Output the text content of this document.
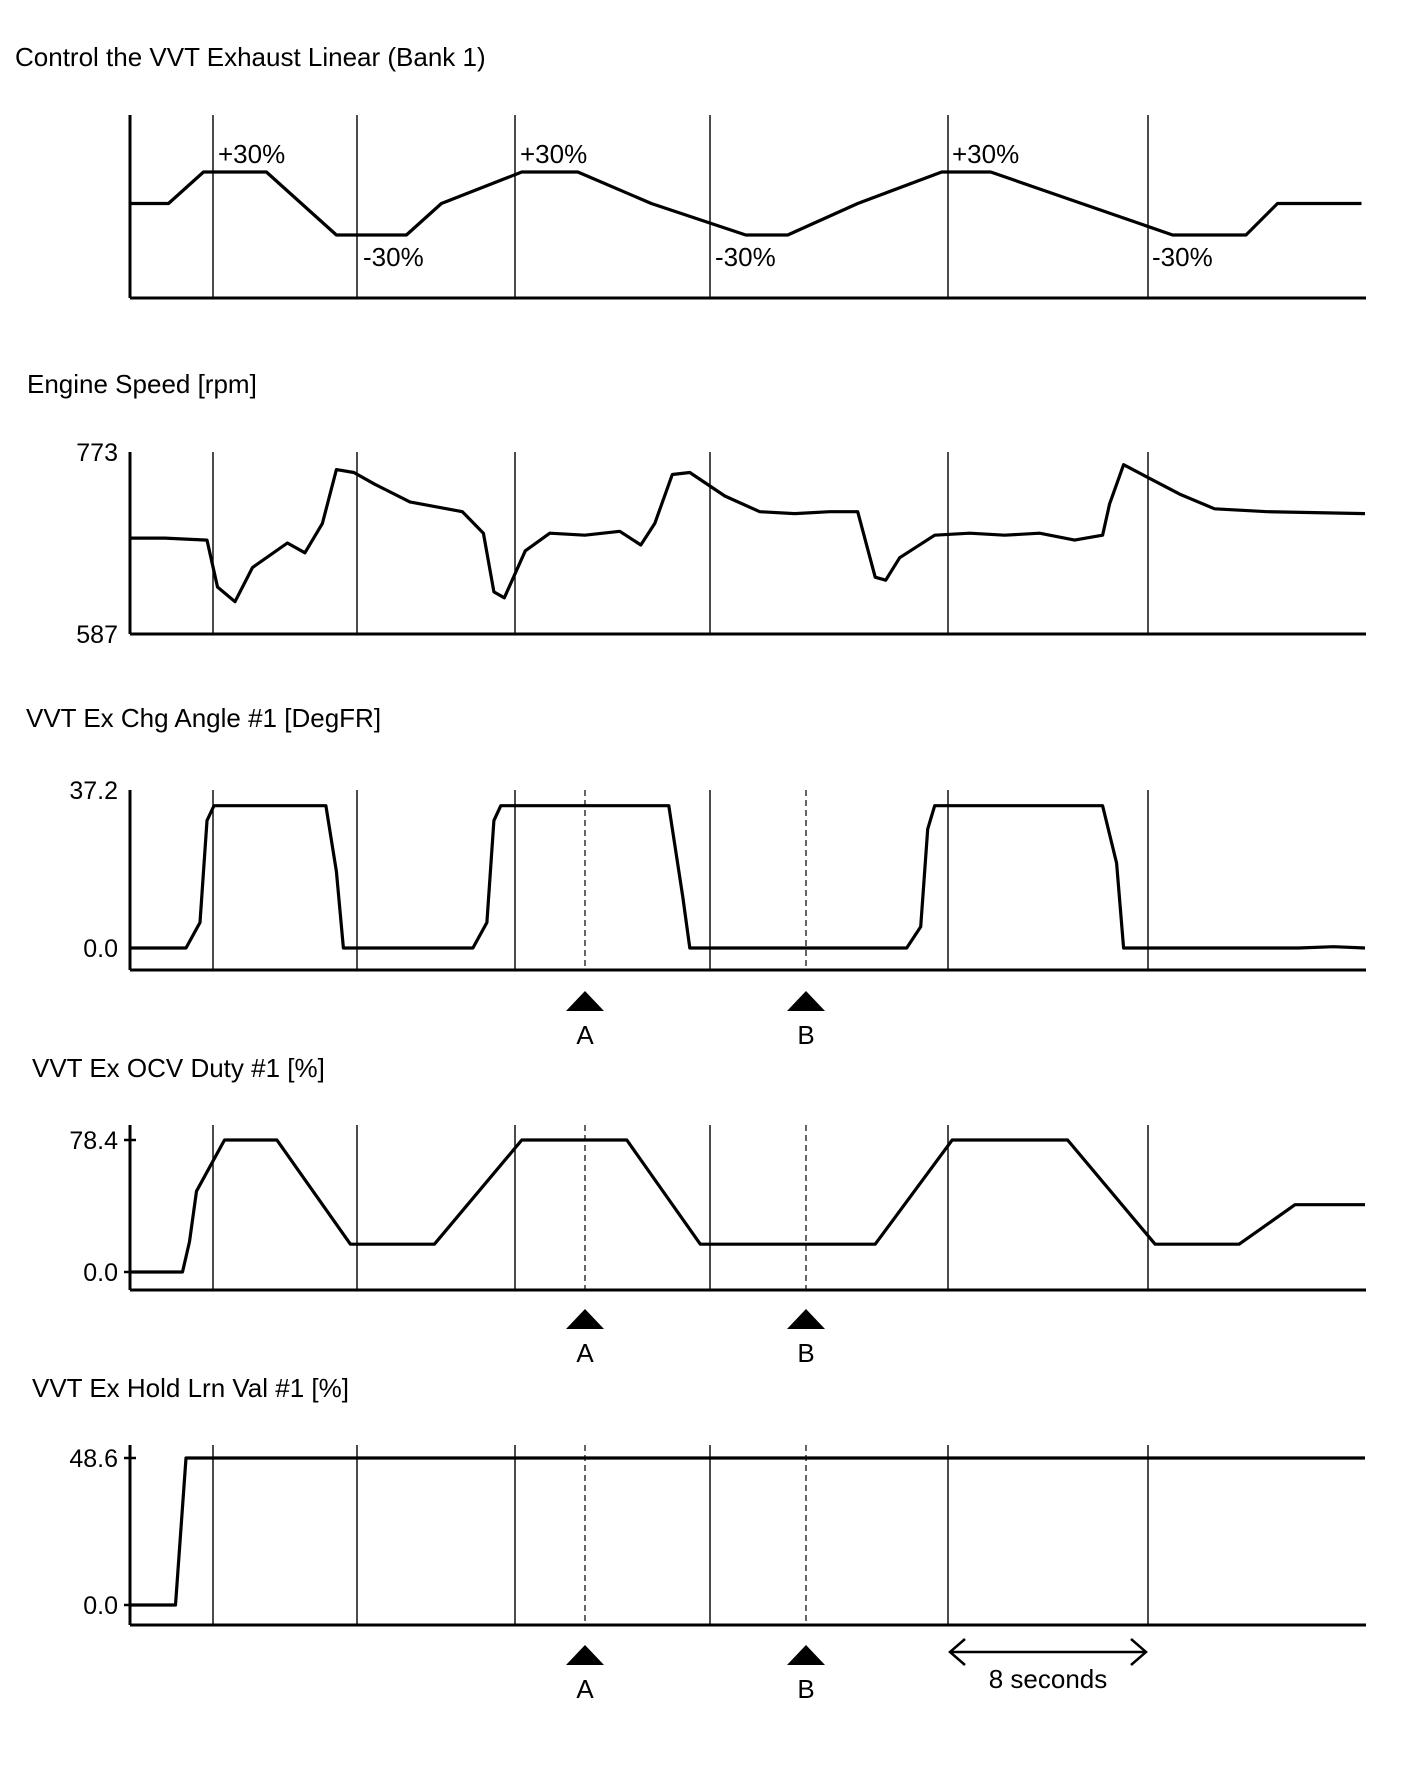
Control the VVT Exhaust Linear (Bank 1)
+30%
-30%
+30%
-30%
+30%
-30%
Engine Speed [rpm]
773
587
VVT Ex Chg Angle #1 [DegFR]
A	B
37.2
0.0
VVT Ex OCV Duty #1 [%]
A	B
78.4
0.0
VVT Ex Hold Lrn Val #1 [%]
A	B
48.6
0.0
8 seconds
